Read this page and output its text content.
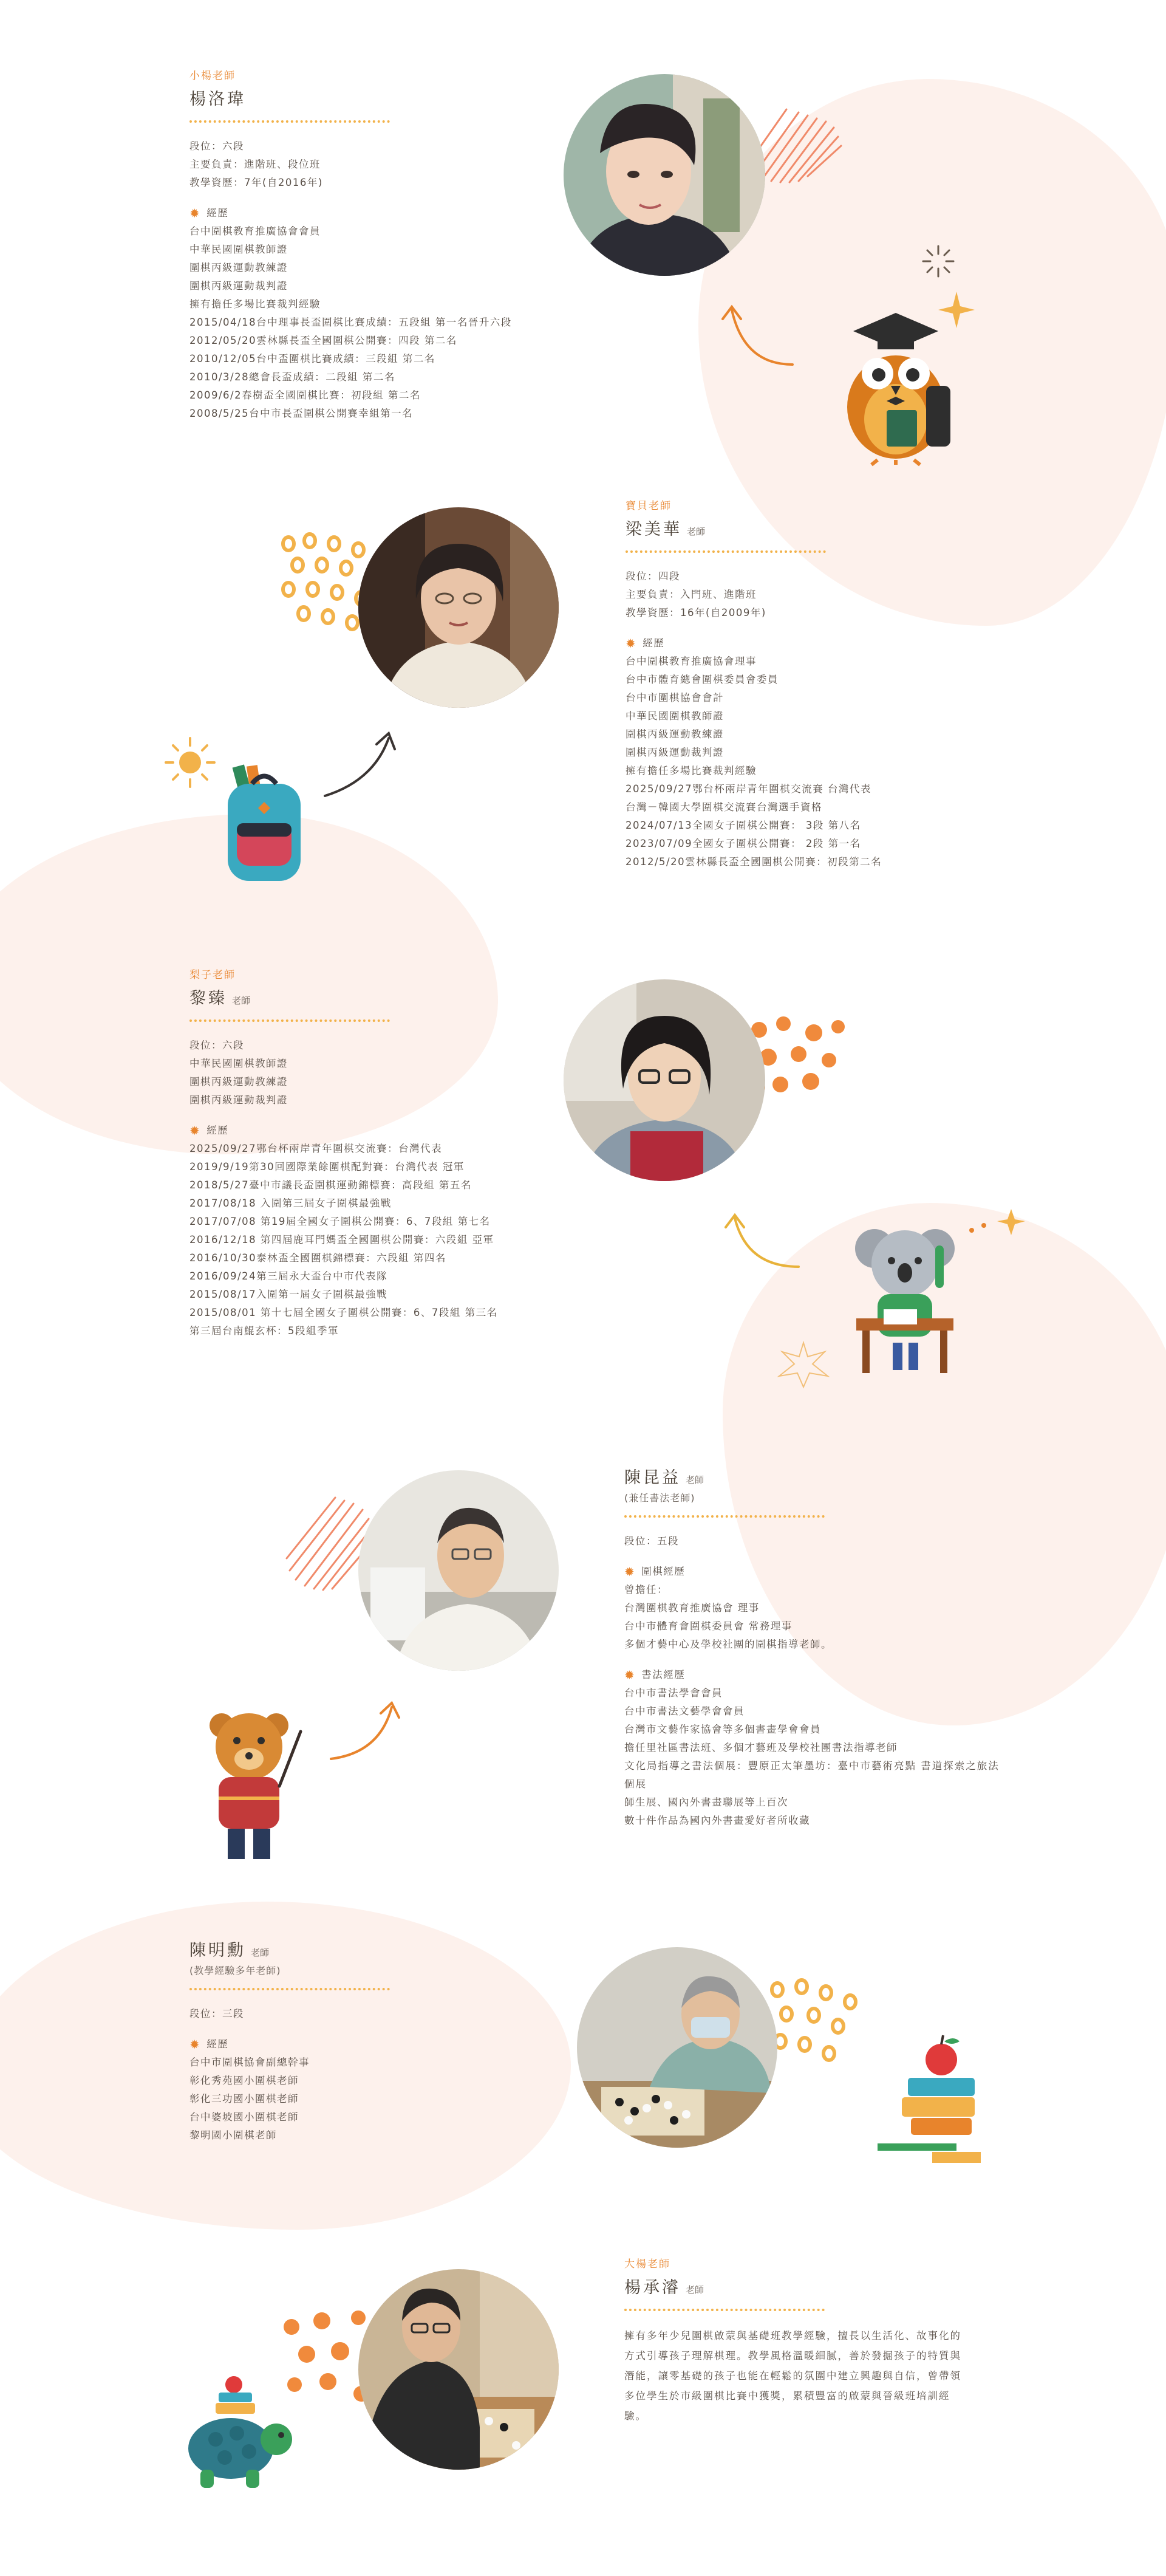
小楊老師
楊洛瑋
段位：六段
主要負責：進階班、段位班
教學資歷：7年(自2016年)
✹ 經歷
台中圍棋教育推廣協會會員
中華民國圍棋教師證
圍棋丙級運動教練證
圍棋丙級運動裁判證
擁有擔任多場比賽裁判經驗
2015/04/18台中理事長盃圍棋比賽成績：五段組 第一名晉升六段
2012/05/20雲林縣長盃全國圍棋公開賽：四段 第二名
2010/12/05台中盃圍棋比賽成績：三段組 第二名
2010/3/28總會長盃成績：二段組 第二名
2009/6/2春樹盃全國圍棋比賽：初段組 第二名
2008/5/25台中市長盃圍棋公開賽幸組第一名
寶貝老師
梁美華 老師
段位：四段
主要負責：入門班、進階班
教學資歷：16年(自2009年)
✹ 經歷
台中圍棋教育推廣協會理事
台中市體育總會圍棋委員會委員
台中市圍棋協會會計
中華民國圍棋教師證
圍棋丙級運動教練證
圍棋丙級運動裁判證
擁有擔任多場比賽裁判經驗
2025/09/27鄂台杯兩岸青年圍棋交流賽 台灣代表
台灣－韓國大學圍棋交流賽台灣選手資格
2024/07/13全國女子圍棋公開賽： 3段 第八名
2023/07/09全國女子圍棋公開賽： 2段 第一名
2012/5/20雲林縣長盃全國圍棋公開賽：初段第二名
梨子老師
黎臻 老師
段位：六段
中華民國圍棋教師證
圍棋丙級運動教練證
圍棋丙級運動裁判證
✹ 經歷
2025/09/27鄂台杯兩岸青年圍棋交流賽：台灣代表
2019/9/19第30回國際業餘圍棋配對賽：台灣代表 冠軍
2018/5/27臺中市議長盃圍棋運動錦標賽：高段組 第五名
2017/08/18 入圍第三屆女子圍棋最強戰
2017/07/08 第19屆全國女子圍棋公開賽：6、7段組 第七名
2016/12/18 第四屆鹿耳門媽盃全國圍棋公開賽：六段組 亞軍
2016/10/30泰林盃全國圍棋錦標賽：六段組 第四名
2016/09/24第三屆永大盃台中市代表隊
2015/08/17入圍第一屆女子圍棋最強戰
2015/08/01 第十七屆全國女子圍棋公開賽：6、7段組 第三名
第三屆台南鯤玄杯：5段組季軍
陳昆益 老師
(兼任書法老師)
段位：五段
✹ 圍棋經歷
曾擔任：
台灣圍棋教育推廣協會 理事
台中市體育會圍棋委員會 常務理事
多個才藝中心及學校社團的圍棋指導老師。
✹ 書法經歷
台中市書法學會會員
台中市書法文藝學會會員
台灣市文藝作家協會等多個書畫學會會員
擔任里社區書法班、多個才藝班及學校社團書法指導老師
文化局指導之書法個展：豐原正太筆墨坊：臺中市藝術亮點 書道探索之旅法個展
師生展、國內外書畫聯展等上百次
數十件作品為國內外書畫愛好者所收藏
陳明勳 老師
(教學經驗多年老師)
段位：三段
✹ 經歷
台中市圍棋協會副總幹事
彰化秀苑國小圍棋老師
彰化三功國小圍棋老師
台中婆坡國小圍棋老師
黎明國小圍棋老師
大楊老師
楊承濬 老師
擁有多年少兒圍棋啟蒙與基礎班教學經驗，擅長以生活化、故事化的方式引導孩子理解棋理。教學風格溫暖細膩，善於發掘孩子的特質與潛能，讓零基礎的孩子也能在輕鬆的氛圍中建立興趣與自信，曾帶領多位學生於市級圍棋比賽中獲獎，累積豐富的啟蒙與晉級班培訓經驗。
